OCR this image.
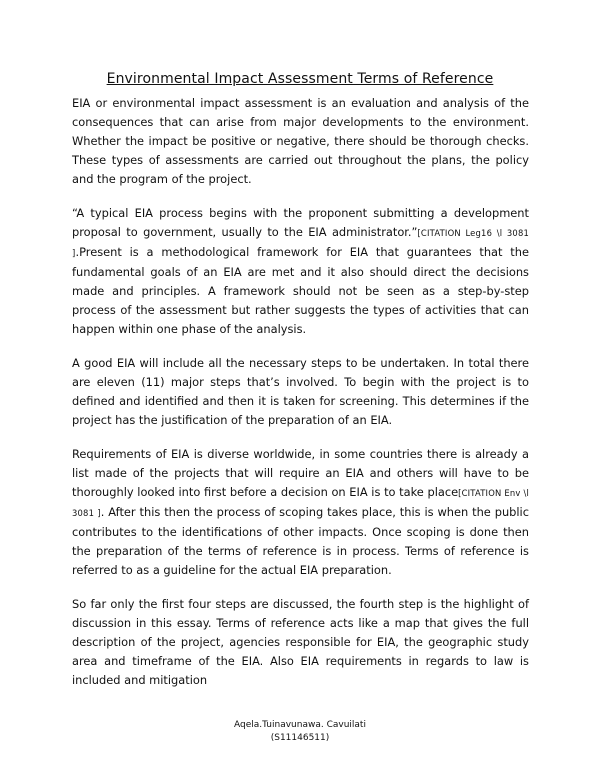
Environmental Impact Assessment Terms of Reference

EIA or environmental impact assessment is an evaluation and analysis of the consequences that can arise from major developments to the environment. Whether the impact be positive or negative, there should be thorough checks. These types of assessments are carried out throughout the plans, the policy and the program of the project.

“A typical EIA process begins with the proponent submitting a development proposal to government, usually to the EIA administrator.”[CITATION Leg16 \l 3081 ].Present is a methodological framework for EIA that guarantees that the fundamental goals of an EIA are met and it also should direct the decisions made and principles. A framework should not be seen as a step-by-step process of the assessment but rather suggests the types of activities that can happen within one phase of the analysis.

A good EIA will include all the necessary steps to be undertaken. In total there are eleven (11) major steps that’s involved. To begin with the project is to defined and identified and then it is taken for screening. This determines if the project has the justification of the preparation of an EIA.

Requirements of EIA is diverse worldwide, in some countries there is already a list made of the projects that will require an EIA and others will have to be thoroughly looked into first before a decision on EIA is to take place[CITATION Env \l 3081 ]. After this then the process of scoping takes place, this is when the public contributes to the identifications of other impacts. Once scoping is done then the preparation of the terms of reference is in process. Terms of reference is referred to as a guideline for the actual EIA preparation.

So far only the first four steps are discussed, the fourth step is the highlight of discussion in this essay. Terms of reference acts like a map that gives the full description of the project, agencies responsible for EIA, the geographic study area and timeframe of the EIA. Also EIA requirements in regards to law is included and mitigation

Aqela.Tuinavunawa. Cavuilati
(S11146511)
